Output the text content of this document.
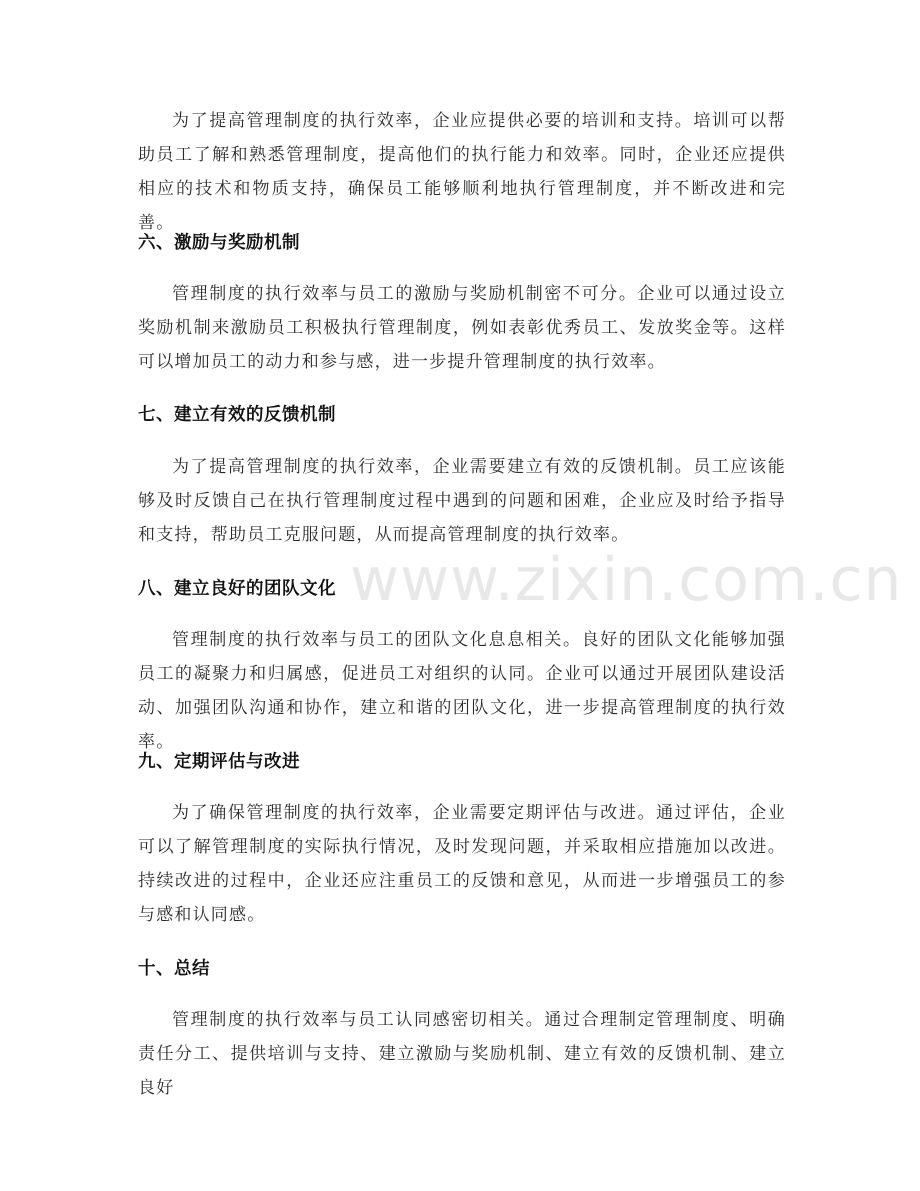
为了提高管理制度的执行效率，企业应提供必要的培训和支持。培训可以帮助员工了解和熟悉管理制度，提高他们的执行能力和效率。同时，企业还应提供相应的技术和物质支持，确保员工能够顺利地执行管理制度，并不断改进和完善。

六、激励与奖励机制

管理制度的执行效率与员工的激励与奖励机制密不可分。企业可以通过设立奖励机制来激励员工积极执行管理制度，例如表彰优秀员工、发放奖金等。这样可以增加员工的动力和参与感，进一步提升管理制度的执行效率。

七、建立有效的反馈机制

为了提高管理制度的执行效率，企业需要建立有效的反馈机制。员工应该能够及时反馈自己在执行管理制度过程中遇到的问题和困难，企业应及时给予指导和支持，帮助员工克服问题，从而提高管理制度的执行效率。

八、建立良好的团队文化

管理制度的执行效率与员工的团队文化息息相关。良好的团队文化能够加强员工的凝聚力和归属感，促进员工对组织的认同。企业可以通过开展团队建设活动、加强团队沟通和协作，建立和谐的团队文化，进一步提高管理制度的执行效率。

九、定期评估与改进

为了确保管理制度的执行效率，企业需要定期评估与改进。通过评估，企业可以了解管理制度的实际执行情况，及时发现问题，并采取相应措施加以改进。持续改进的过程中，企业还应注重员工的反馈和意见，从而进一步增强员工的参与感和认同感。

十、总结

管理制度的执行效率与员工认同感密切相关。通过合理制定管理制度、明确责任分工、提供培训与支持、建立激励与奖励机制、建立有效的反馈机制、建立良好

www.zixin.com.cn
